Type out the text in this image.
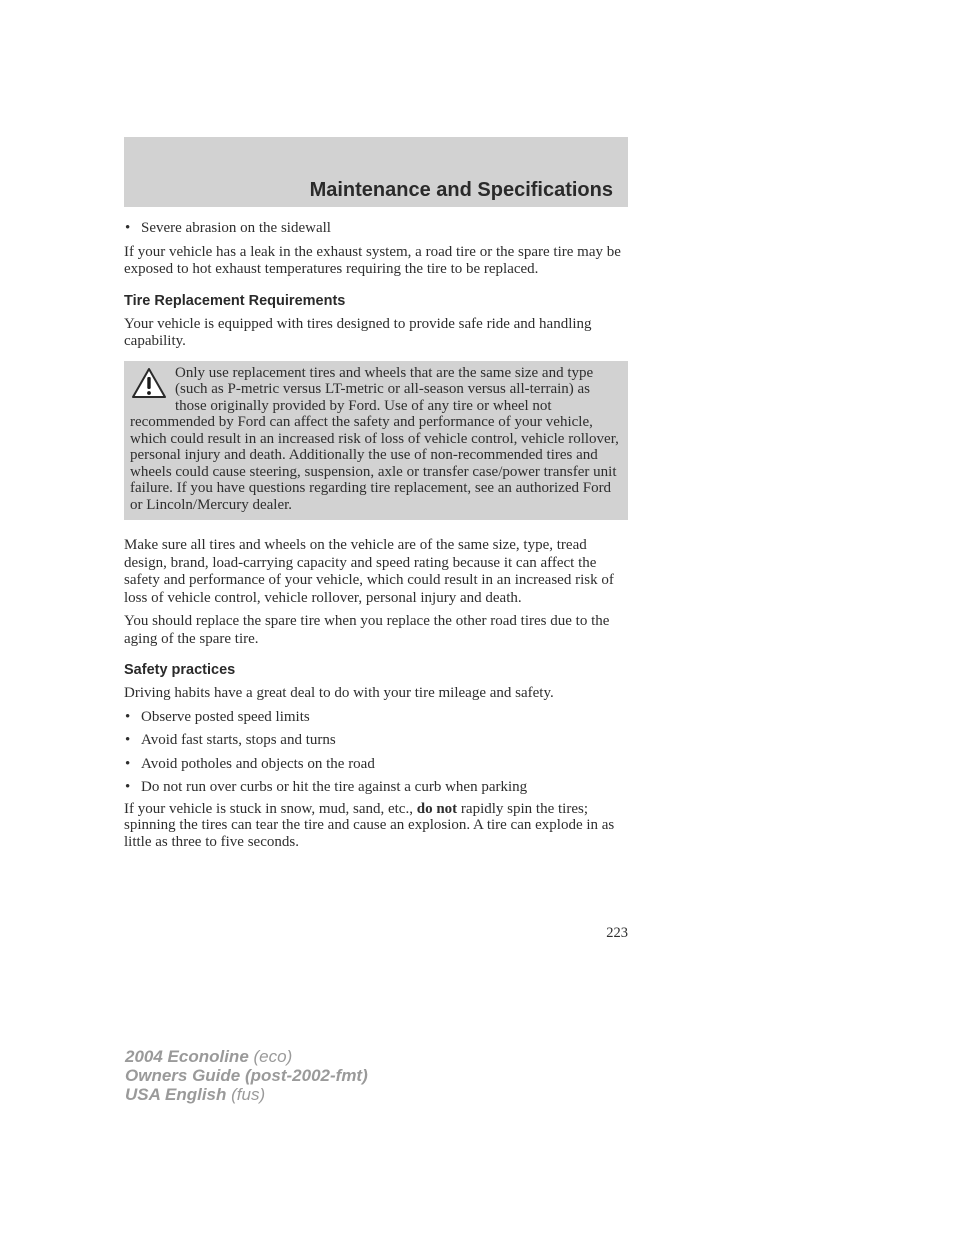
Maintenance and Specifications
• Severe abrasion on the sidewall

If your vehicle has a leak in the exhaust system, a road tire or the spare tire may be exposed to hot exhaust temperatures requiring the tire to be replaced.

Tire Replacement Requirements

Your vehicle is equipped with tires designed to provide safe ride and handling capability.

Only use replacement tires and wheels that are the same size and type (such as P-metric versus LT-metric or all-season versus all-terrain) as those originally provided by Ford. Use of any tire or wheel not recommended by Ford can affect the safety and performance of your vehicle, which could result in an increased risk of loss of vehicle control, vehicle rollover, personal injury and death. Additionally the use of non-recommended tires and wheels could cause steering, suspension, axle or transfer case/power transfer unit failure. If you have questions regarding tire replacement, see an authorized Ford or Lincoln/Mercury dealer.

Make sure all tires and wheels on the vehicle are of the same size, type, tread design, brand, load-carrying capacity and speed rating because it can affect the safety and performance of your vehicle, which could result in an increased risk of loss of vehicle control, vehicle rollover, personal injury and death.

You should replace the spare tire when you replace the other road tires due to the aging of the spare tire.

Safety practices

Driving habits have a great deal to do with your tire mileage and safety.

• Observe posted speed limits
• Avoid fast starts, stops and turns
• Avoid potholes and objects on the road
• Do not run over curbs or hit the tire against a curb when parking

If your vehicle is stuck in snow, mud, sand, etc., do not rapidly spin the tires; spinning the tires can tear the tire and cause an explosion. A tire can explode in as little as three to five seconds.

223
2004 Econoline (eco)
Owners Guide (post-2002-fmt)
USA English (fus)
